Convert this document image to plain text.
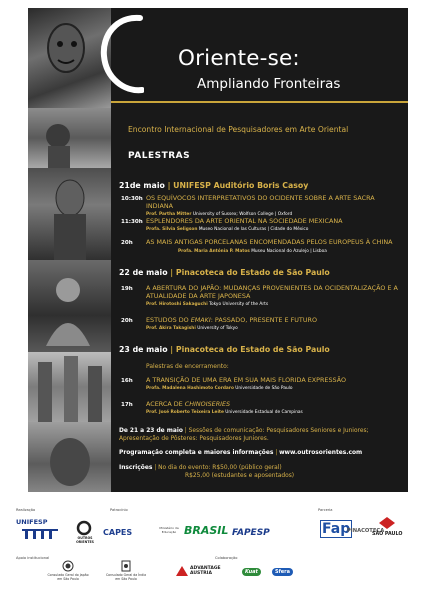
Oriente-se:
Ampliando Fronteiras
Encontro Internacional de Pesquisadores em Arte Oriental
PALESTRAS
21de maio | UNIFESP Auditório Boris Casoy
10:30h OS EQUÍVOCOS INTERPRETATIVOS DO OCIDENTE SOBRE A ARTE SACRA INDIANA
Prof. Partha Mitter University of Sussex; Wolfson College | Oxford
11:30h ESPLENDORES DA ARTE ORIENTAL NA SOCIEDADE MEXICANA
Profa. Silvia Seligson Museo Nacional de las Culturas | Cidade do México
20h AS MAIS ANTIGAS PORCELANAS ENCOMENDADAS PELOS EUROPEUS À CHINA
Profa. Maria Antónia P. Matos Museu Nacional do Azulejo | Lisboa
22 de maio | Pinacoteca do Estado de São Paulo
19h A ABERTURA DO JAPÃO: MUDANÇAS PROVENIENTES DA OCIDENTALIZAÇÃO E A ATUALIDADE DA ARTE JAPONESA
Prof. Hirotoshi Sakaguchi Tokyo University of the Arts
20h ESTUDOS DO EMAKI: PASSADO, PRESENTE E FUTURO
Prof. Akira Takagishi University of Tokyo
23 de maio | Pinacoteca do Estado de São Paulo
Palestras de encerramento:
16h A TRANSIÇÃO DE UMA ERA EM SUA MAIS FLORIDA EXPRESSÃO
Profa. Madalena Hashimoto Cordaro Universidade de São Paulo
17h ACERCA DE CHINOISERIES
Prof. José Roberto Teixeira Leite Universidade Estadual de Campinas
De 21 a 23 de maio | Sessões de comunicação: Pesquisadores Seniores e Juniores; Apresentação de Pôsteres: Pesquisadores Juniores.
Programação completa e maiores informações | www.outrosorientes.com
Inscrições | No dia do evento: R$50,00 (público geral)
R$25,00 (estudantes e aposentados)
Realização	Patrocínio	Parceria
UNIFESP
OUTROS ORIENTES
CAPES	Ministério da Educação BRASIL FAPESP	Fap
PINACOTECA
SÃO PAULO
Apoio institucional	Colaboração
Consulado Geral do Japão em São Paulo
Consulado Geral da Índia em São Paulo
ADVANTAGE AUSTRIA	Kuat	Sfera
